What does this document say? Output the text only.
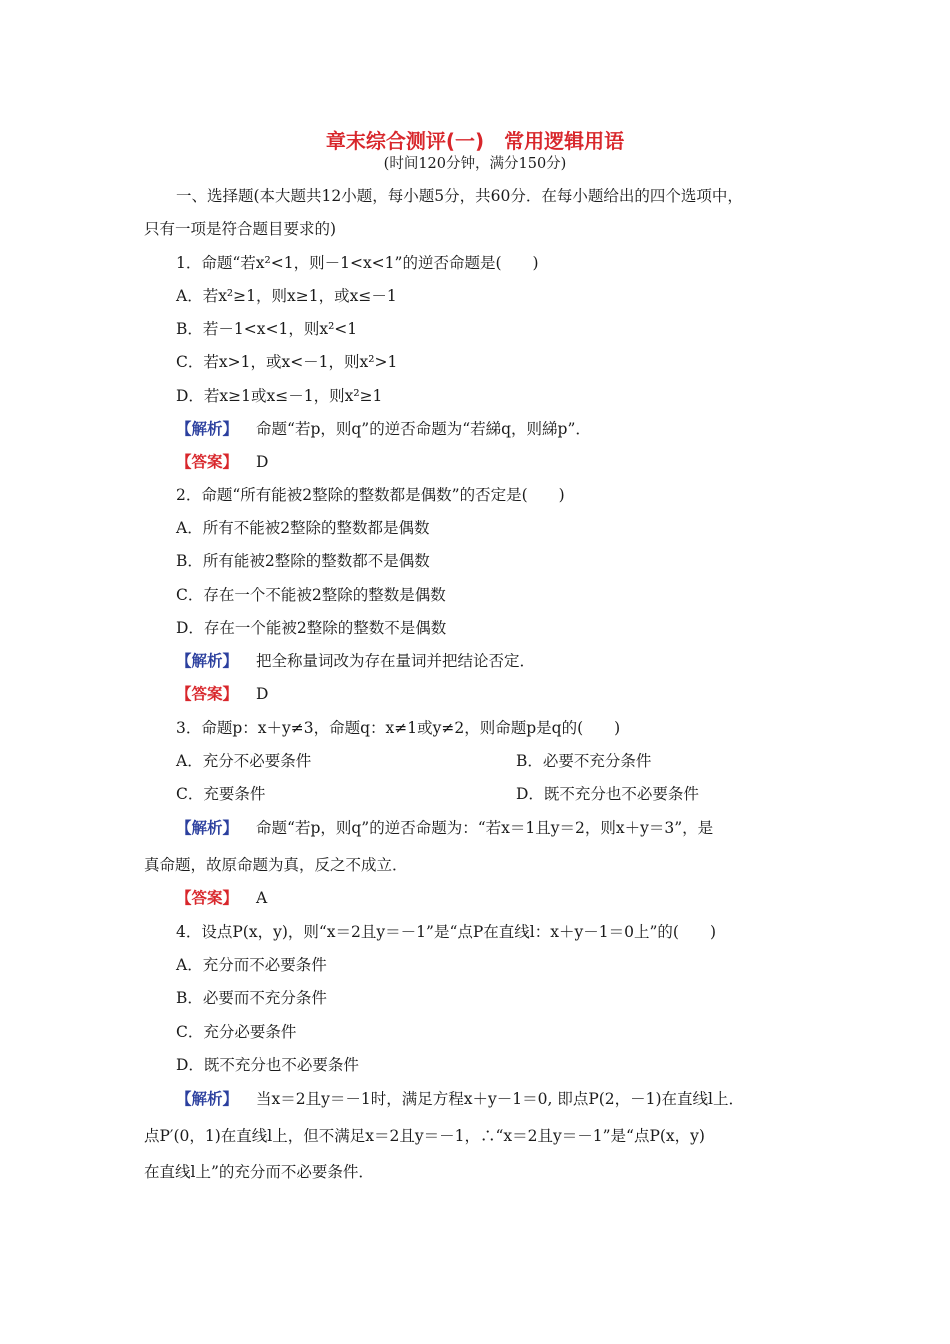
章末综合测评(一)　常用逻辑用语
(时间120分钟，满分150分)
一、选择题(本大题共12小题，每小题5分，共60分．在每小题给出的四个选项中，
只有一项是符合题目要求的)
1．命题“若x²<1，则－1<x<1”的逆否命题是(　　)
A．若x²≥1，则x≥1，或x≤－1
B．若－1<x<1，则x²<1
C．若x>1，或x<－1，则x²>1
D．若x≥1或x≤－1，则x²≥1
【解析】 命题“若p，则q”的逆否命题为“若綈q，则綈p”．
【答案】 D
2．命题“所有能被2整除的整数都是偶数”的否定是(　　)
A．所有不能被2整除的整数都是偶数
B．所有能被2整除的整数都不是偶数
C．存在一个不能被2整除的整数是偶数
D．存在一个能被2整除的整数不是偶数
【解析】 把全称量词改为存在量词并把结论否定．
【答案】 D
3．命题p：x＋y≠3，命题q：x≠1或y≠2，则命题p是q的(　　)
A．充分不必要条件	B．必要不充分条件
C．充要条件	D．既不充分也不必要条件
【解析】 命题“若p，则q”的逆否命题为：“若x＝1且y＝2，则x＋y＝3”，是
真命题，故原命题为真，反之不成立．
【答案】 A
4．设点P(x，y)，则“x＝2且y＝－1”是“点P在直线l：x＋y－1＝0上”的(　　)
A．充分而不必要条件
B．必要而不充分条件
C．充分必要条件
D．既不充分也不必要条件
【解析】 当x＝2且y＝－1时，满足方程x＋y－1＝0, 即点P(2，－1)在直线l上．
点P′(0，1)在直线l上，但不满足x＝2且y＝－1，∴“x＝2且y＝－1”是“点P(x，y)
在直线l上”的充分而不必要条件．
